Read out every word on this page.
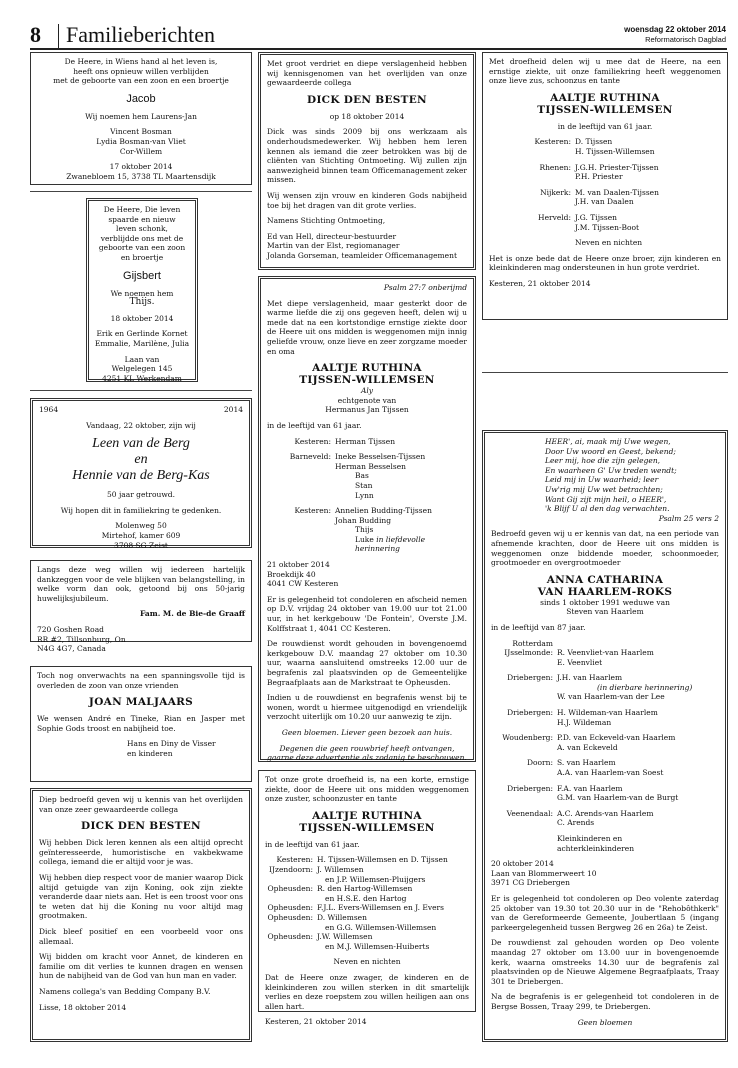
8 Familieberichten	woensdag 22 oktober 2014
Reformatorisch Dagblad
De Heere, in Wiens hand al het leven is,
heeft ons opnieuw willen verblijden
met de geboorte van een zoon en een broertje
Jacob
Wij noemen hem Laurens-Jan
Vincent Bosman
Lydia Bosman-van Vliet
Cor-Willem
17 oktober 2014
Zwanebloem 15, 3738 TL Maartensdijk
De Heere, Die leven
spaarde en nieuw
leven schonk,
verblijdde ons met de
geboorte van een zoon
en broertje
Gijsbert
We noemen hem
Thijs.
18 oktober 2014
Erik en Gerlinde Kornet
Emmalie, Marilène, Julia
Laan van
Welgelegen 145
4251 KL Werkendam
1964	2014
Vandaag, 22 oktober, zijn wij
Leen van de Berg
en
Hennie van de Berg-Kas
50 jaar getrouwd.
Wij hopen dit in familiekring te gedenken.
Molenweg 50
Mirtehof, kamer 609
3708 SG Zeist
Langs deze weg willen wij iedereen hartelijk dankzeggen voor de vele blijken van belangstelling, in welke vorm dan ook, getoond bij ons 50-jarig huwelijksjubileum.
Fam. M. de Bie-de Graaff
720 Goshen Road
RR #2, Tillsonburg, On
N4G 4G7, Canada
Toch nog onverwachts na een spanningsvolle tijd is overleden de zoon van onze vrienden
JOAN MALJAARS
We wensen André en Tineke, Rian en Jasper met Sophie Gods troost en nabijheid toe.
Hans en Diny de Visser
en kinderen
Diep bedroefd geven wij u kennis van het overlijden van onze zeer gewaardeerde collega
DICK DEN BESTEN
Wij hebben Dick leren kennen als een altijd oprecht geïnteresseerde, humoristische en vakbekwame collega, iemand die er altijd voor je was.
Wij hebben diep respect voor de manier waarop Dick altijd getuigde van zijn Koning, ook zijn ziekte veranderde daar niets aan. Het is een troost voor ons te weten dat hij die Koning nu voor altijd mag grootmaken.
Dick bleef positief en een voorbeeld voor ons allemaal.
Wij bidden om kracht voor Annet, de kinderen en familie om dit verlies te kunnen dragen en wensen hun de nabijheid van de God van hun man en vader.
Namens collega's van Bedding Company B.V.
Lisse, 18 oktober 2014
Met groot verdriet en diepe verslagenheid hebben wij kennisgenomen van het overlijden van onze gewaardeerde collega
DICK DEN BESTEN
op 18 oktober 2014
Dick was sinds 2009 bij ons werkzaam als onderhoudsmedewerker. Wij hebben hem leren kennen als iemand die zeer betrokken was bij de cliënten van Stichting Ontmoeting. Wij zullen zijn aanwezigheid binnen team Officemanagement zeker missen.
Wij wensen zijn vrouw en kinderen Gods nabijheid toe bij het dragen van dit grote verlies.
Namens Stichting Ontmoeting,
Ed van Hell, directeur-bestuurder
Martin van der Elst, regiomanager
Jolanda Gorseman, teamleider Officemanagement
Psalm 27:7 onberijmd
Met diepe verslagenheid, maar gesterkt door de warme liefde die zij ons gegeven heeft, delen wij u mede dat na een kortstondige ernstige ziekte door de Heere uit ons midden is weggenomen mijn innig geliefde vrouw, onze lieve en zeer zorgzame moeder en oma
AALTJE RUTHINA
TIJSSEN-WILLEMSEN
Aly
echtgenote van
Hermanus Jan Tijssen
in de leeftijd van 61 jaar.
Kesteren: Herman Tijssen
Barneveld: Ineke Besselsen-Tijssen
Herman Besselsen
Bas
Stan
Lynn
Kesteren: Annelien Budding-Tijssen
Johan Budding
Thijs
Luke in liefdevolle herinnering
21 oktober 2014
Broekdijk 40
4041 CW Kesteren
Er is gelegenheid tot condoleren en afscheid nemen op D.V. vrijdag 24 oktober van 19.00 uur tot 21.00 uur, in het kerkgebouw 'De Fontein', Overste J.M. Kolffstraat 1, 4041 CC Kesteren.
De rouwdienst wordt gehouden in bovengenoemd kerkgebouw D.V. maandag 27 oktober om 10.30 uur, waarna aansluitend omstreeks 12.00 uur de begrafenis zal plaatsvinden op de Gemeentelijke Begraafplaats aan de Markstraat te Opheusden.
Indien u de rouwdienst en begrafenis wenst bij te wonen, wordt u hiermee uitgenodigd en vriendelijk verzocht uiterlijk om 10.20 uur aanwezig te zijn.
Geen bloemen. Liever geen bezoek aan huis.
Degenen die geen rouwbrief heeft ontvangen, gaarne deze advertentie als zodanig te beschouwen.
Tot onze grote droefheid is, na een korte, ernstige ziekte, door de Heere uit ons midden weggenomen onze zuster, schoonzuster en tante
AALTJE RUTHINA
TIJSSEN-WILLEMSEN
in de leeftijd van 61 jaar.
Kesteren: H. Tijssen-Willemsen en D. Tijssen
IJzendoorn: J. Willemsen
en J.P. Willemsen-Pluijgers
Opheusden: R. den Hartog-Willemsen
en H.S.E. den Hartog
Opheusden: F.J.L. Evers-Willemsen en J. Evers
Opheusden: D. Willemsen
en G.G. Willemsen-Willemsen
Opheusden: J.W. Willemsen
en M.J. Willemsen-Huiberts
Neven en nichten
Dat de Heere onze zwager, de kinderen en de kleinkinderen zou willen sterken in dit smartelijk verlies en deze roepstem zou willen heiligen aan ons allen hart.
Kesteren, 21 oktober 2014
Met droefheid delen wij u mee dat de Heere, na een ernstige ziekte, uit onze familiekring heeft weggenomen onze lieve zus, schoonzus en tante
AALTJE RUTHINA
TIJSSEN-WILLEMSEN
in de leeftijd van 61 jaar.
Kesteren: D. Tijssen
H. Tijssen-Willemsen
Rhenen: J.G.H. Priester-Tijssen
P.H. Priester
Nijkerk: M. van Daalen-Tijssen
J.H. van Daalen
Herveld: J.G. Tijssen
J.M. Tijssen-Boot
Neven en nichten
Het is onze bede dat de Heere onze broer, zijn kinderen en kleinkinderen mag ondersteunen in hun grote verdriet.
Kesteren, 21 oktober 2014
HEER', ai, maak mij Uwe wegen,
Door Uw woord en Geest, bekend;
Leer mij, hoe die zijn gelegen,
En waarheen G' Uw treden wendt;
Leid mij in Uw waarheid; leer
Uw'rig mij Uw wet betrachten;
Want Gij zijt mijn heil, o HEER',
'k Blijf U al den dag verwachten.
Psalm 25 vers 2
Bedroefd geven wij u er kennis van dat, na een periode van afnemende krachten, door de Heere uit ons midden is weggenomen onze biddende moeder, schoonmoeder, grootmoeder en overgrootmoeder
ANNA CATHARINA
VAN HAARLEM-ROKS
sinds 1 oktober 1991 weduwe van
Steven van Haarlem
in de leeftijd van 87 jaar.
Rotterdam
IJsselmonde: R. Veenvliet-van Haarlem
E. Veenvliet
Driebergen: J.H. van Haarlem
(in dierbare herinnering)
W. van Haarlem-van der Lee
Driebergen: H. Wildeman-van Haarlem
H.J. Wildeman
Woudenberg: P.D. van Eckeveld-van Haarlem
A. van Eckeveld
Doorn: S. van Haarlem
A.A. van Haarlem-van Soest
Driebergen: F.A. van Haarlem
G.M. van Haarlem-van de Burgt
Veenendaal: A.C. Arends-van Haarlem
C. Arends
Kleinkinderen en
achterkleinkinderen
20 oktober 2014
Laan van Blommerweert 10
3971 CG Driebergen
Er is gelegenheid tot condoleren op Deo volente zaterdag 25 oktober van 19.30 tot 20.30 uur in de "Rehobôthkerk" van de Gereformeerde Gemeente, Joubertlaan 5 (ingang parkeergelegenheid tussen Bergweg 26 en 26a) te Zeist.
De rouwdienst zal gehouden worden op Deo volente maandag 27 oktober om 13.00 uur in bovengenoemde kerk, waarna omstreeks 14.30 uur de begrafenis zal plaatsvinden op de Nieuwe Algemene Begraafplaats, Traay 301 te Driebergen.
Na de begrafenis is er gelegenheid tot condoleren in de Bergse Bossen, Traay 299, te Driebergen.
Geen bloemen
